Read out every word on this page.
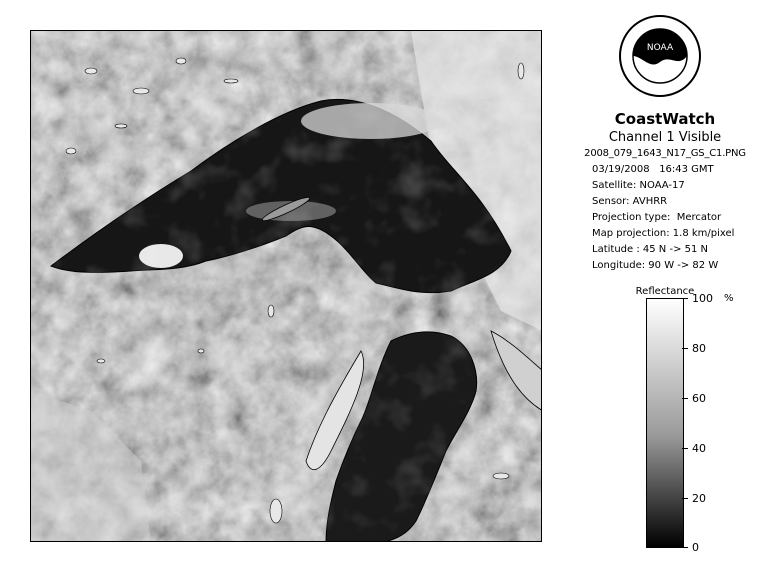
NOAA
CoastWatch
Channel 1 Visible
2008_079_1643_N17_GS_C1.PNG
03/19/2008 16:43 GMT
Satellite: NOAA-17
Sensor: AVHRR
Projection type: Mercator
Map projection: 1.8 km/pixel
Latitude : 45 N -> 51 N
Longitude: 90 W -> 82 W
Reflectance
%
100
80
60
40
20
0
